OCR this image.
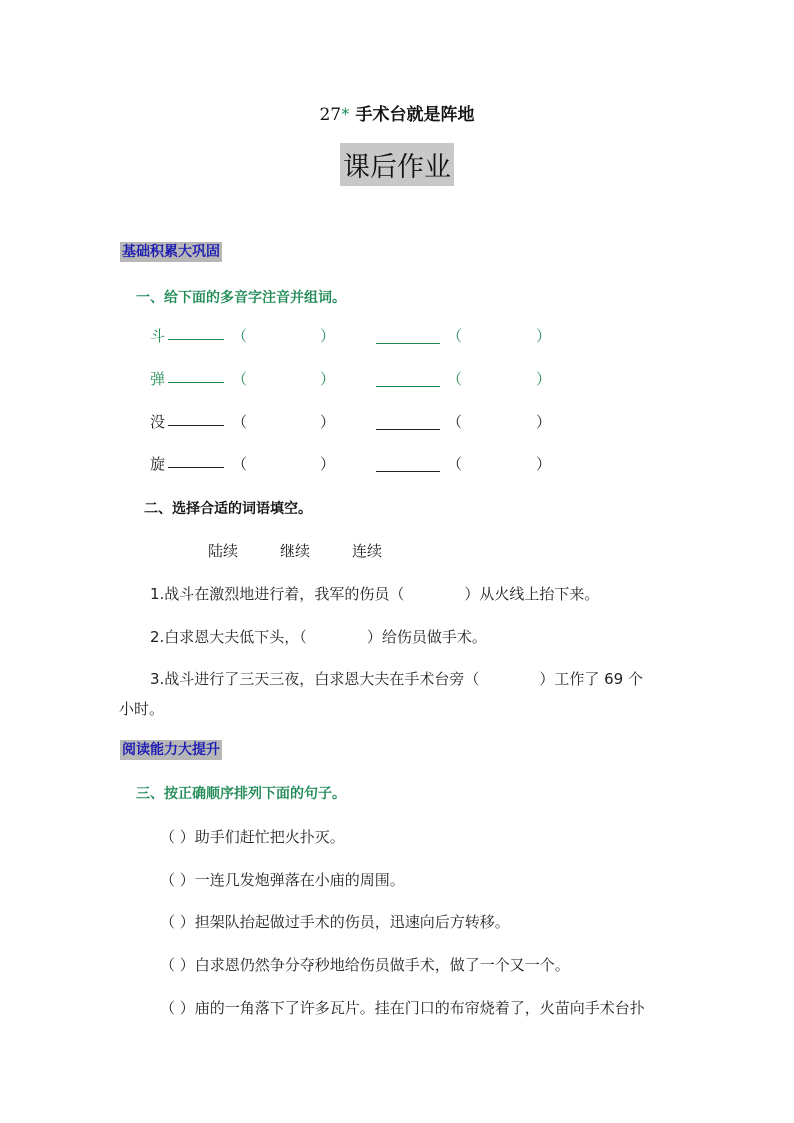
27* 手术台就是阵地
课后作业
基础积累大巩固
一、给下面的多音字注音并组词。
斗	（	）	（	）
弹	（	）	（	）
没	（	）	（	）
旋	（	）	（	）
二、选择合适的词语填空。
陆续	继续	连续
1.战斗在激烈地进行着，我军的伤员（	）从火线上抬下来。
2.白求恩大夫低下头，（	）给伤员做手术。
3.战斗进行了三天三夜，白求恩大夫在手术台旁（	）工作了 69 个
小时。
阅读能力大提升
三、按正确顺序排列下面的句子。
（ ）助手们赶忙把火扑灭。
（ ）一连几发炮弹落在小庙的周围。
（ ）担架队抬起做过手术的伤员，迅速向后方转移。
（ ）白求恩仍然争分夺秒地给伤员做手术，做了一个又一个。
（ ）庙的一角落下了许多瓦片。挂在门口的布帘烧着了，火苗向手术台扑
